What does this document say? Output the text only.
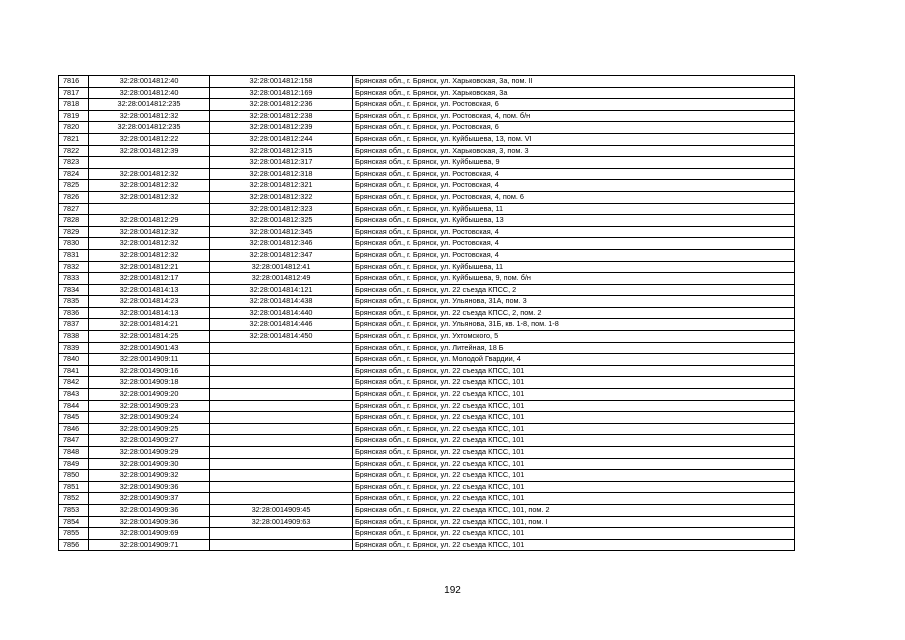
7816	32:28:0014812:40	32:28:0014812:158	Брянская обл., г. Брянск, ул. Харьковская, 3а, пом. II
7817	32:28:0014812:40	32:28:0014812:169	Брянская обл., г. Брянск, ул. Харьковская, 3а
7818	32:28:0014812:235	32:28:0014812:236	Брянская обл., г. Брянск, ул. Ростовская, 6
7819	32:28:0014812:32	32:28:0014812:238	Брянская обл., г. Брянск, ул. Ростовская, 4, пом. б/н
7820	32:28:0014812:235	32:28:0014812:239	Брянская обл., г. Брянск, ул. Ростовская, 6
7821	32:28:0014812:22	32:28:0014812:244	Брянская обл., г. Брянск, ул. Куйбышева, 13, пом. VI
7822	32:28:0014812:39	32:28:0014812:315	Брянская обл., г. Брянск, ул. Харьковская, 3, пом. 3
7823		32:28:0014812:317	Брянская обл., г. Брянск, ул. Куйбышева, 9
7824	32:28:0014812:32	32:28:0014812:318	Брянская обл., г. Брянск, ул. Ростовская, 4
7825	32:28:0014812:32	32:28:0014812:321	Брянская обл., г. Брянск, ул. Ростовская, 4
7826	32:28:0014812:32	32:28:0014812:322	Брянская обл., г. Брянск, ул. Ростовская, 4, пом. 6
7827		32:28:0014812:323	Брянская обл., г. Брянск, ул. Куйбышева, 11
7828	32:28:0014812:29	32:28:0014812:325	Брянская обл., г. Брянск, ул. Куйбышева, 13
7829	32:28:0014812:32	32:28:0014812:345	Брянская обл., г. Брянск, ул. Ростовская, 4
7830	32:28:0014812:32	32:28:0014812:346	Брянская обл., г. Брянск, ул. Ростовская, 4
7831	32:28:0014812:32	32:28:0014812:347	Брянская обл., г. Брянск, ул. Ростовская, 4
7832	32:28:0014812:21	32:28:0014812:41	Брянская обл., г. Брянск, ул. Куйбышева, 11
7833	32:28:0014812:17	32:28:0014812:49	Брянская обл., г. Брянск, ул. Куйбышева, 9, пом. б/н
7834	32:28:0014814:13	32:28:0014814:121	Брянская обл., г. Брянск, ул. 22 съезда КПСС, 2
7835	32:28:0014814:23	32:28:0014814:438	Брянская обл., г. Брянск, ул. Ульянова, 31А, пом. 3
7836	32:28:0014814:13	32:28:0014814:440	Брянская обл., г. Брянск, ул. 22 съезда КПСС, 2, пом. 2
7837	32:28:0014814:21	32:28:0014814:446	Брянская обл., г. Брянск, ул. Ульянова, 31Б, кв. 1-8, пом. 1-8
7838	32:28:0014814:25	32:28:0014814:450	Брянская обл., г. Брянск, ул. Ухтомского, 5
7839	32:28:0014901:43		Брянская обл., г. Брянск, ул. Литейная, 18 Б
7840	32:28:0014909:11		Брянская обл., г. Брянск, ул. Молодой Гвардии, 4
7841	32:28:0014909:16		Брянская обл., г. Брянск, ул. 22 съезда КПСС, 101
7842	32:28:0014909:18		Брянская обл., г. Брянск, ул. 22 съезда КПСС, 101
7843	32:28:0014909:20		Брянская обл., г. Брянск, ул. 22 съезда КПСС, 101
7844	32:28:0014909:23		Брянская обл., г. Брянск, ул. 22 съезда КПСС, 101
7845	32:28:0014909:24		Брянская обл., г. Брянск, ул. 22 съезда КПСС, 101
7846	32:28:0014909:25		Брянская обл., г. Брянск, ул. 22 съезда КПСС, 101
7847	32:28:0014909:27		Брянская обл., г. Брянск, ул. 22 съезда КПСС, 101
7848	32:28:0014909:29		Брянская обл., г. Брянск, ул. 22 съезда КПСС, 101
7849	32:28:0014909:30		Брянская обл., г. Брянск, ул. 22 съезда КПСС, 101
7850	32:28:0014909:32		Брянская обл., г. Брянск, ул. 22 съезда КПСС, 101
7851	32:28:0014909:36		Брянская обл., г. Брянск, ул. 22 съезда КПСС, 101
7852	32:28:0014909:37		Брянская обл., г. Брянск, ул. 22 съезда КПСС, 101
7853	32:28:0014909:36	32:28:0014909:45	Брянская обл., г. Брянск, ул. 22 съезда КПСС, 101, пом. 2
7854	32:28:0014909:36	32:28:0014909:63	Брянская обл., г. Брянск, ул. 22 съезда КПСС, 101, пом. I
7855	32:28:0014909:69		Брянская обл., г. Брянск, ул. 22 съезда КПСС, 101
7856	32:28:0014909:71		Брянская обл., г. Брянск, ул. 22 съезда КПСС, 101
192
